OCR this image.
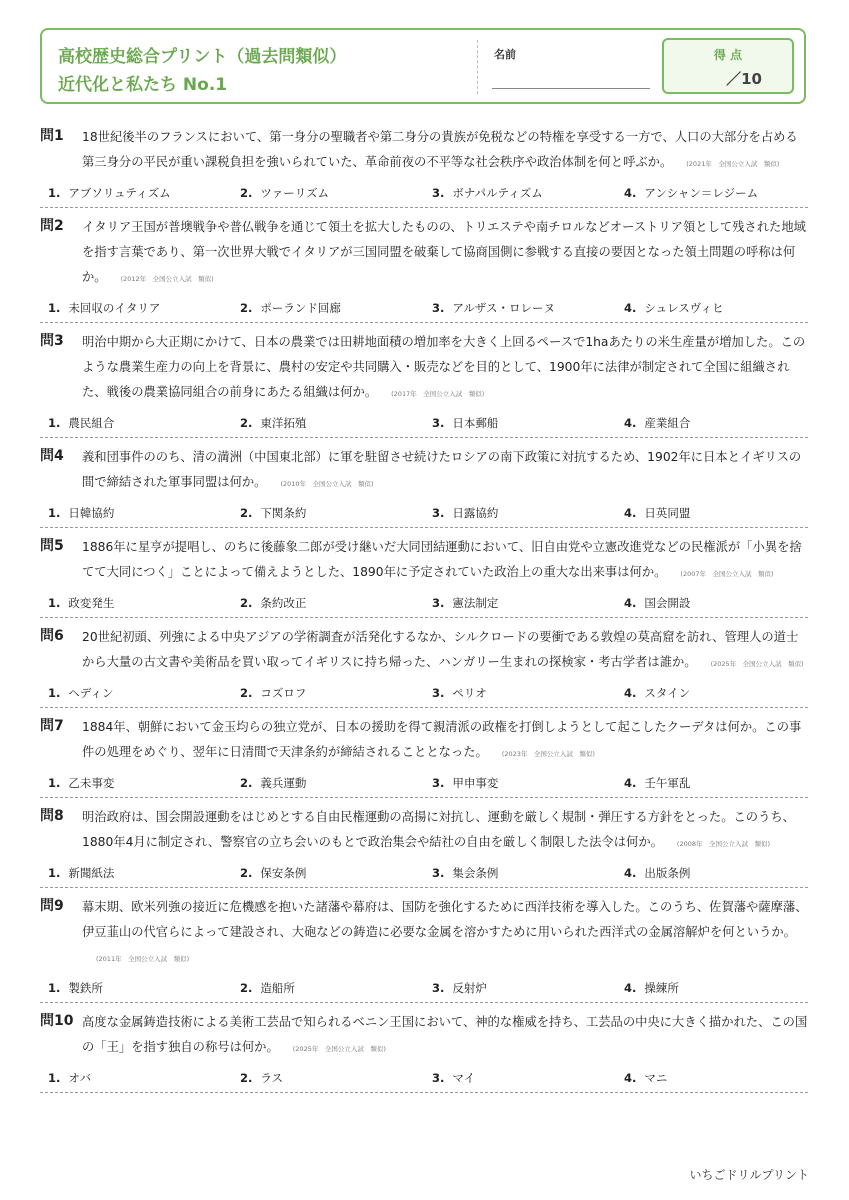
高校歴史総合プリント（過去問類似）
近代化と私たち No.1
名前	得 点
／10
問1 18世紀後半のフランスにおいて、第一身分の聖職者や第二身分の貴族が免税などの特権を享受する一方で、人口の大部分を占める第三身分の平民が重い課税負担を強いられていた、革命前夜の不平等な社会秩序や政治体制を何と呼ぶか。 (2021年　全国公立入試　類似)
1. アブソリュティズム	2. ツァーリズム	3. ボナパルティズム	4. アンシャン＝レジーム
問2 イタリア王国が普墺戦争や普仏戦争を通じて領土を拡大したものの、トリエステや南チロルなどオーストリア領として残された地域を指す言葉であり、第一次世界大戦でイタリアが三国同盟を破棄して協商国側に参戦する直接の要因となった領土問題の呼称は何か。 (2012年　全国公立入試　類似)
1. 未回収のイタリア	2. ポーランド回廊	3. アルザス・ロレーヌ	4. シュレスヴィヒ
問3 明治中期から大正期にかけて、日本の農業では田耕地面積の増加率を大きく上回るペースで1haあたりの米生産量が増加した。このような農業生産力の向上を背景に、農村の安定や共同購入・販売などを目的として、1900年に法律が制定されて全国に組織された、戦後の農業協同組合の前身にあたる組織は何か。 (2017年　全国公立入試　類似)
1. 農民組合	2. 東洋拓殖	3. 日本郵船	4. 産業組合
問4 義和団事件ののち、清の満洲（中国東北部）に軍を駐留させ続けたロシアの南下政策に対抗するため、1902年に日本とイギリスの間で締結された軍事同盟は何か。 (2010年　全国公立入試　類似)
1. 日韓協約	2. 下関条約	3. 日露協約	4. 日英同盟
問5 1886年に星亨が提唱し、のちに後藤象二郎が受け継いだ大同団結運動において、旧自由党や立憲改進党などの民権派が「小異を捨てて大同につく」ことによって備えようとした、1890年に予定されていた政治上の重大な出来事は何か。 (2007年　全国公立入試　類似)
1. 政変発生	2. 条約改正	3. 憲法制定	4. 国会開設
問6 20世紀初頭、列強による中央アジアの学術調査が活発化するなか、シルクロードの要衝である敦煌の莫高窟を訪れ、管理人の道士から大量の古文書や美術品を買い取ってイギリスに持ち帰った、ハンガリー生まれの探検家・考古学者は誰か。 (2025年　全国公立入試　類似)
1. ヘディン	2. コズロフ	3. ペリオ	4. スタイン
問7 1884年、朝鮮において金玉均らの独立党が、日本の援助を得て親清派の政権を打倒しようとして起こしたクーデタは何か。この事件の処理をめぐり、翌年に日清間で天津条約が締結されることとなった。 (2023年　全国公立入試　類似)
1. 乙未事変	2. 義兵運動	3. 甲申事変	4. 壬午軍乱
問8 明治政府は、国会開設運動をはじめとする自由民権運動の高揚に対抗し、運動を厳しく規制・弾圧する方針をとった。このうち、1880年4月に制定され、警察官の立ち会いのもとで政治集会や結社の自由を厳しく制限した法令は何か。 (2008年　全国公立入試　類似)
1. 新聞紙法	2. 保安条例	3. 集会条例	4. 出版条例
問9 幕末期、欧米列強の接近に危機感を抱いた諸藩や幕府は、国防を強化するために西洋技術を導入した。このうち、佐賀藩や薩摩藩、伊豆韮山の代官らによって建設され、大砲などの鋳造に必要な金属を溶かすために用いられた西洋式の金属溶解炉を何というか。(2011年　全国公立入試　類似)
1. 製鉄所	2. 造船所	3. 反射炉	4. 操練所
問10 高度な金属鋳造技術による美術工芸品で知られるベニン王国において、神的な権威を持ち、工芸品の中央に大きく描かれた、この国の「王」を指す独自の称号は何か。 (2025年　全国公立入試　類似)
1. オバ	2. ラス	3. マイ	4. マニ
いちごドリルプリント
